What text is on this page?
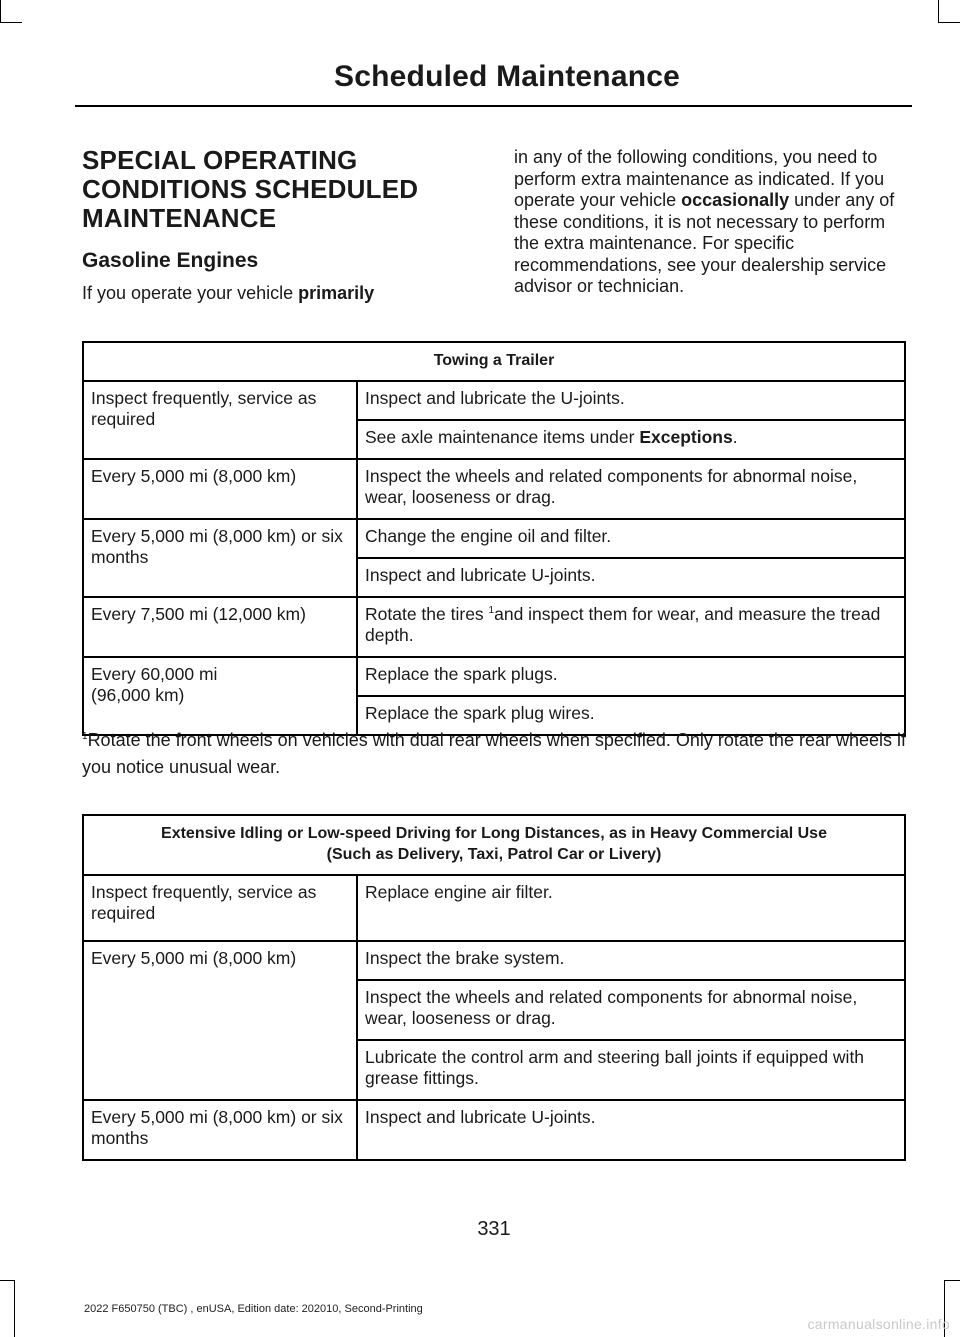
Scheduled Maintenance
SPECIAL OPERATING
CONDITIONS SCHEDULED
MAINTENANCE
Gasoline Engines

If you operate your vehicle primarily

in any of the following conditions, you need to perform extra maintenance as indicated. If you operate your vehicle occasionally under any of these conditions, it is not necessary to perform the extra maintenance. For specific recommendations, see your dealership service advisor or technician.
Towing a Trailer	
Inspect frequently, service as required	Inspect and lubricate the U-joints.
	See axle maintenance items under Exceptions.
Every 5,000 mi (8,000 km)	Inspect the wheels and related components for abnormal noise, wear, looseness or drag.
Every 5,000 mi (8,000 km) or six months	Change the engine oil and filter.
	Inspect and lubricate U-joints.
Every 7,500 mi (12,000 km)	Rotate the tires $^1$and inspect them for wear, and measure the tread depth.
Every 60,000 mi
(96,000 km)	Replace the spark plugs.
	Replace the spark plug wires.
$^1$Rotate the front wheels on vehicles with dual rear wheels when specified. Only rotate the rear wheels if you notice unusual wear.
Extensive Idling or Low-speed Driving for Long Distances, as in Heavy Commercial Use
(Such as Delivery, Taxi, Patrol Car or Livery)	
Inspect frequently, service as required	Replace engine air filter.
Every 5,000 mi (8,000 km)	Inspect the brake system.
	Inspect the wheels and related components for abnormal noise, wear, looseness or drag.
	Lubricate the control arm and steering ball joints if equipped with grease fittings.
Every 5,000 mi (8,000 km) or six months	Inspect and lubricate U-joints.
331
2022 F650750 (TBC) , enUSA, Edition date: 202010, Second-Printing
carmanualsonline.info
